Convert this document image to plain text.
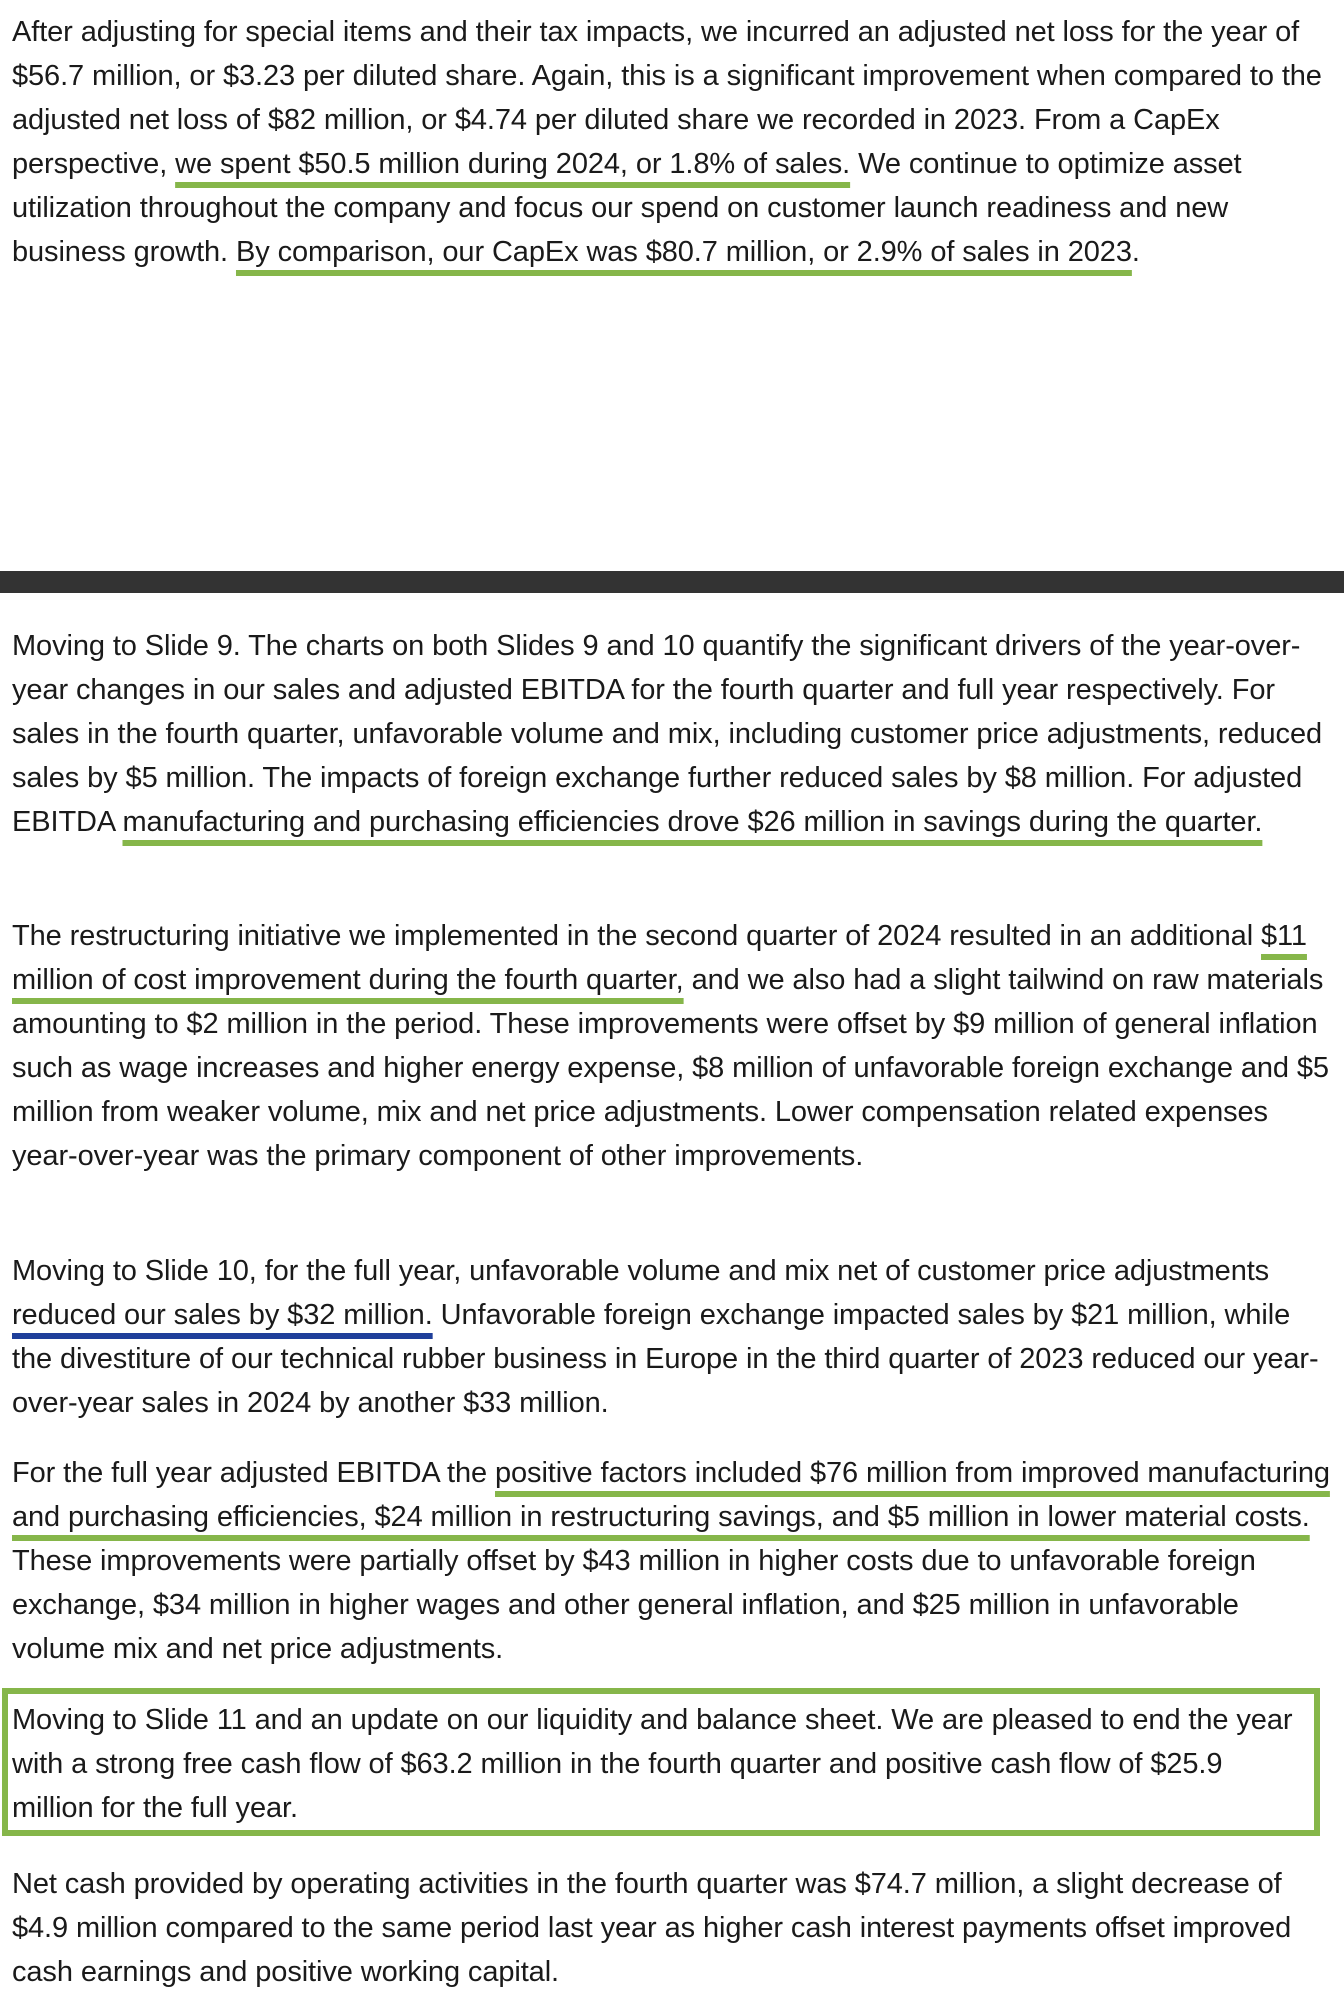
After adjusting for special items and their tax impacts, we incurred an adjusted net loss for the year of $56.7 million, or $3.23 per diluted share. Again, this is a significant improvement when compared to the adjusted net loss of $82 million, or $4.74 per diluted share we recorded in 2023. From a CapEx perspective, we spent $50.5 million during 2024, or 1.8% of sales. We continue to optimize asset utilization throughout the company and focus our spend on customer launch readiness and new business growth. By comparison, our CapEx was $80.7 million, or 2.9% of sales in 2023.

Moving to Slide 9. The charts on both Slides 9 and 10 quantify the significant drivers of the year-over-year changes in our sales and adjusted EBITDA for the fourth quarter and full year respectively. For sales in the fourth quarter, unfavorable volume and mix, including customer price adjustments, reduced sales by $5 million. The impacts of foreign exchange further reduced sales by $8 million. For adjusted EBITDA manufacturing and purchasing efficiencies drove $26 million in savings during the quarter.

The restructuring initiative we implemented in the second quarter of 2024 resulted in an additional $11 million of cost improvement during the fourth quarter, and we also had a slight tailwind on raw materials amounting to $2 million in the period. These improvements were offset by $9 million of general inflation such as wage increases and higher energy expense, $8 million of unfavorable foreign exchange and $5 million from weaker volume, mix and net price adjustments. Lower compensation related expenses year-over-year was the primary component of other improvements.

Moving to Slide 10, for the full year, unfavorable volume and mix net of customer price adjustments reduced our sales by $32 million. Unfavorable foreign exchange impacted sales by $21 million, while the divestiture of our technical rubber business in Europe in the third quarter of 2023 reduced our year-over-year sales in 2024 by another $33 million.

For the full year adjusted EBITDA the positive factors included $76 million from improved manufacturing and purchasing efficiencies, $24 million in restructuring savings, and $5 million in lower material costs. These improvements were partially offset by $43 million in higher costs due to unfavorable foreign exchange, $34 million in higher wages and other general inflation, and $25 million in unfavorable volume mix and net price adjustments.

Moving to Slide 11 and an update on our liquidity and balance sheet. We are pleased to end the year with a strong free cash flow of $63.2 million in the fourth quarter and positive cash flow of $25.9 million for the full year.

Net cash provided by operating activities in the fourth quarter was $74.7 million, a slight decrease of $4.9 million compared to the same period last year as higher cash interest payments offset improved cash earnings and positive working capital.
